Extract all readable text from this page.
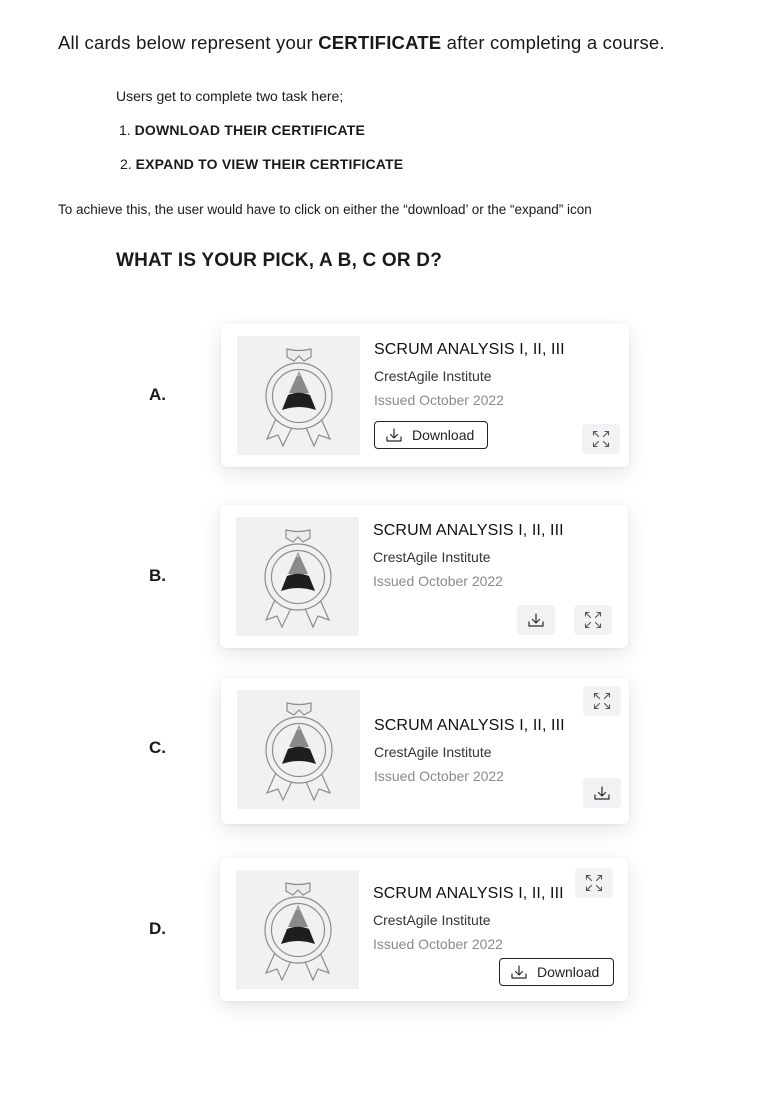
All cards below represent your CERTIFICATE after completing a course.
Users get to complete two task here;
1. DOWNLOAD THEIR CERTIFICATE
2. EXPAND TO VIEW THEIR CERTIFICATE
To achieve this, the user would have to click on either the “download’ or the “expand” icon
WHAT IS YOUR PICK, A B, C OR D?
A.
B.
C.
D.
SCRUM ANALYSIS I, II, III
CrestAgile Institute
Issued October 2022
Download
SCRUM ANALYSIS I, II, III
CrestAgile Institute
Issued October 2022
SCRUM ANALYSIS I, II, III
CrestAgile Institute
Issued October 2022
SCRUM ANALYSIS I, II, III
CrestAgile Institute
Issued October 2022
Download
